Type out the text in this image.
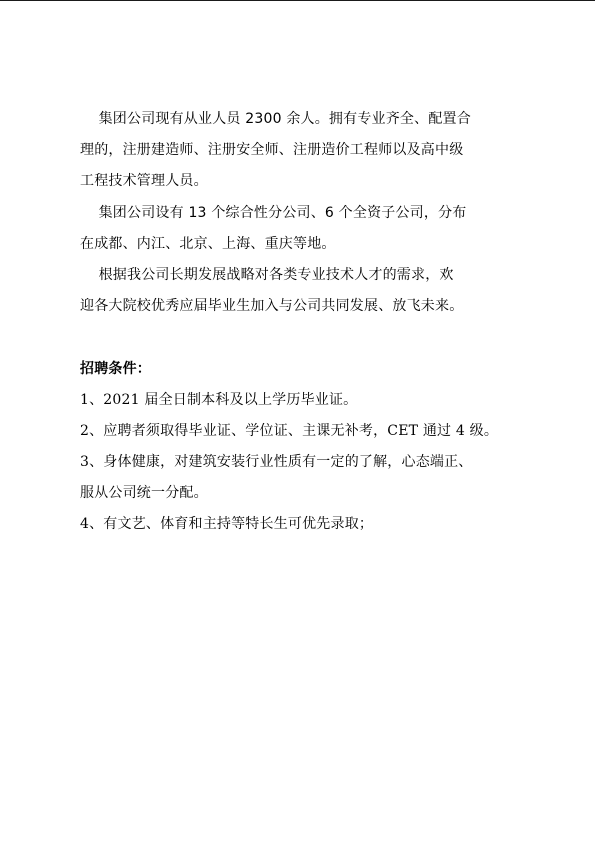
集团公司现有从业人员 2300 余人。拥有专业齐全、配置合
理的，注册建造师、注册安全师、注册造价工程师以及高中级
工程技术管理人员。
集团公司设有 13 个综合性分公司、6 个全资子公司，分布
在成都、内江、北京、上海、重庆等地。
根据我公司长期发展战略对各类专业技术人才的需求，欢
迎各大院校优秀应届毕业生加入与公司共同发展、放飞未来。
招聘条件：
1、2021 届全日制本科及以上学历毕业证。
2、应聘者须取得毕业证、学位证、主课无补考，CET 通过 4 级。
3、身体健康，对建筑安装行业性质有一定的了解，心态端正、
服从公司统一分配。
4、有文艺、体育和主持等特长生可优先录取；
